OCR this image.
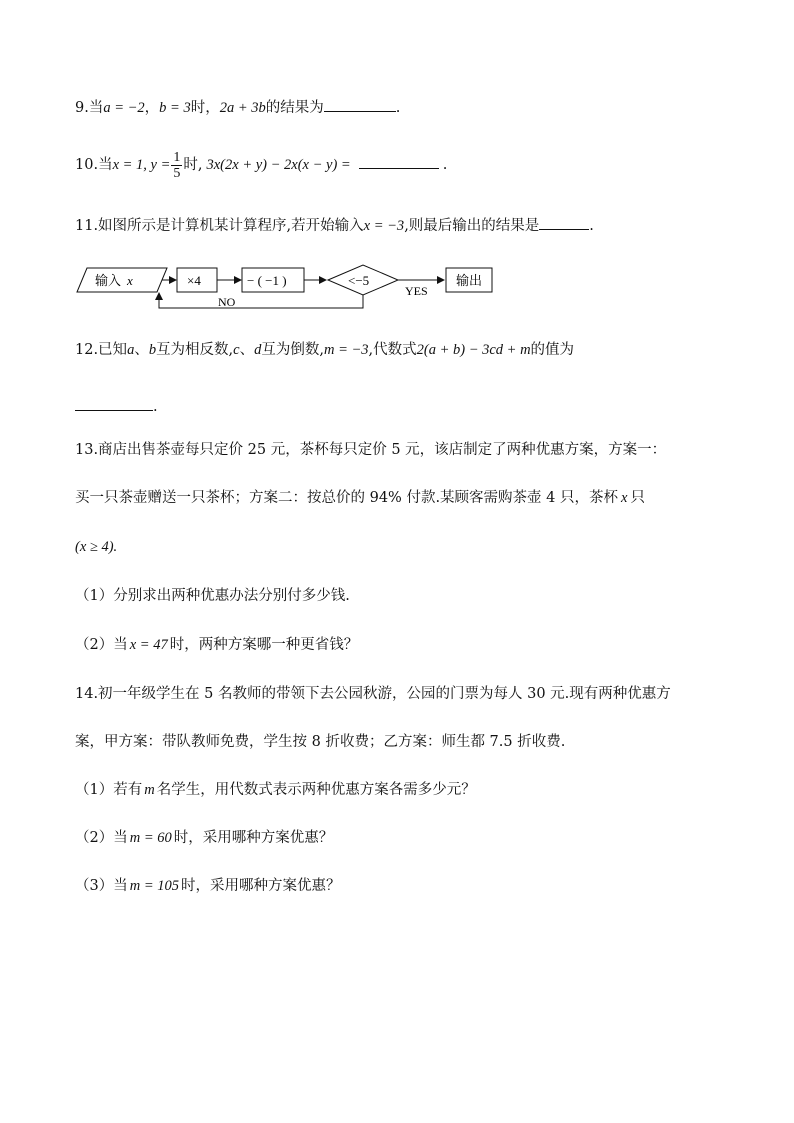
9.当a = −2，b = 3时，2a + 3b的结果为	.
10.当x = 1, $y = \frac{1}{5}$ 时, 3x(2x + y) − 2x(x − y) =	.
11.如图所示是计算机某计算程序,若开始输入x = −3,则最后输出的结果是	.
输入 x	×4	− ( −1 )	<−5
YES
输出
NO
12.已知a、b互为相反数,c、d互为倒数,m = −3,代数式2(a + b) − 3cd + m的值为
.
13.商店出售茶壶每只定价 25 元，茶杯每只定价 5 元，该店制定了两种优惠方案，方案一：
买一只茶壶赠送一只茶杯；方案二：按总价的 94% 付款.某顾客需购茶壶 4 只，茶杯 x 只
(x ≥ 4).
（1）分别求出两种优惠办法分别付多少钱.
（2）当 x = 47 时，两种方案哪一种更省钱？
14.初一年级学生在 5 名教师的带领下去公园秋游，公园的门票为每人 30 元.现有两种优惠方
案，甲方案：带队教师免费，学生按 8 折收费；乙方案：师生都 7.5 折收费.
（1）若有 m 名学生，用代数式表示两种优惠方案各需多少元？
（2）当 m = 60 时，采用哪种方案优惠？
（3）当 m = 105 时，采用哪种方案优惠？
